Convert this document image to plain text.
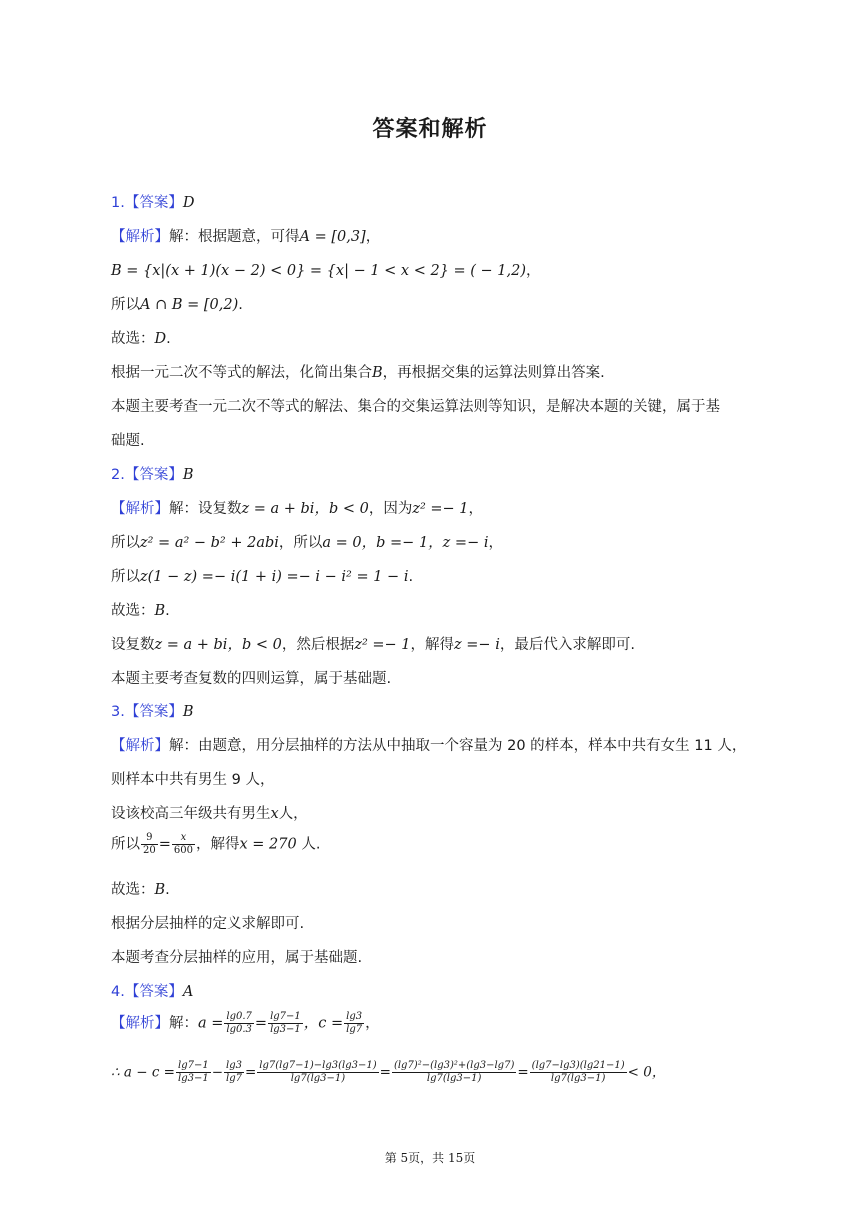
答案和解析
1.【答案】D
【解析】解：根据题意，可得A = [0,3]，
B = {x|(x + 1)(x − 2) < 0} = {x| − 1 < x < 2} = ( − 1,2)，
所以A ∩ B = [0,2).
故选：D.
根据一元二次不等式的解法，化简出集合B，再根据交集的运算法则算出答案.
本题主要考查一元二次不等式的解法、集合的交集运算法则等知识，是解决本题的关键，属于基
础题.
2.【答案】B
【解析】解：设复数z = a + bi，b < 0，因为z² =− 1，
所以z² = a² − b² + 2abi，所以a = 0，b =− 1，z =− i，
所以z(1 − z) =− i(1 + i) =− i − i² = 1 − i.
故选：B.
设复数z = a + bi，b < 0，然后根据z² =− 1，解得z =− i，最后代入求解即可.
本题主要考查复数的四则运算，属于基础题.
3.【答案】B
【解析】解：由题意，用分层抽样的方法从中抽取一个容量为 20 的样本，样本中共有女生 11 人，
则样本中共有男生 9 人，
设该校高三年级共有男生x人，
所以 $\frac{9}{20} = \frac{x}{600}$ ，解得x = 270 人.
故选：B.
根据分层抽样的定义求解即可.
本题考查分层抽样的应用，属于基础题.
4.【答案】A
【解析】解：$a = \frac{\lg 0.7}{\lg 0.3} = \frac{\lg 7-1}{\lg 3-1}$ ，$c = \frac{\lg 3}{\lg 7}$ ，
∴ $a - c = \frac{\lg 7-1}{\lg 3-1} - \frac{\lg 3}{\lg 7} = \frac{\lg 7(\lg 7-1)-\lg 3(\lg 3-1)}{\lg 7(\lg 3-1)} = \frac{\text{(lg7)²−(lg3)²+(lg3−lg7)}}{\lg 7(\lg 3-1)} = \frac{(\lg 7-\lg 3)(\lg 21-1)}{\lg 7(\lg 3-1)} < 0$，
第 5页，共 15页
